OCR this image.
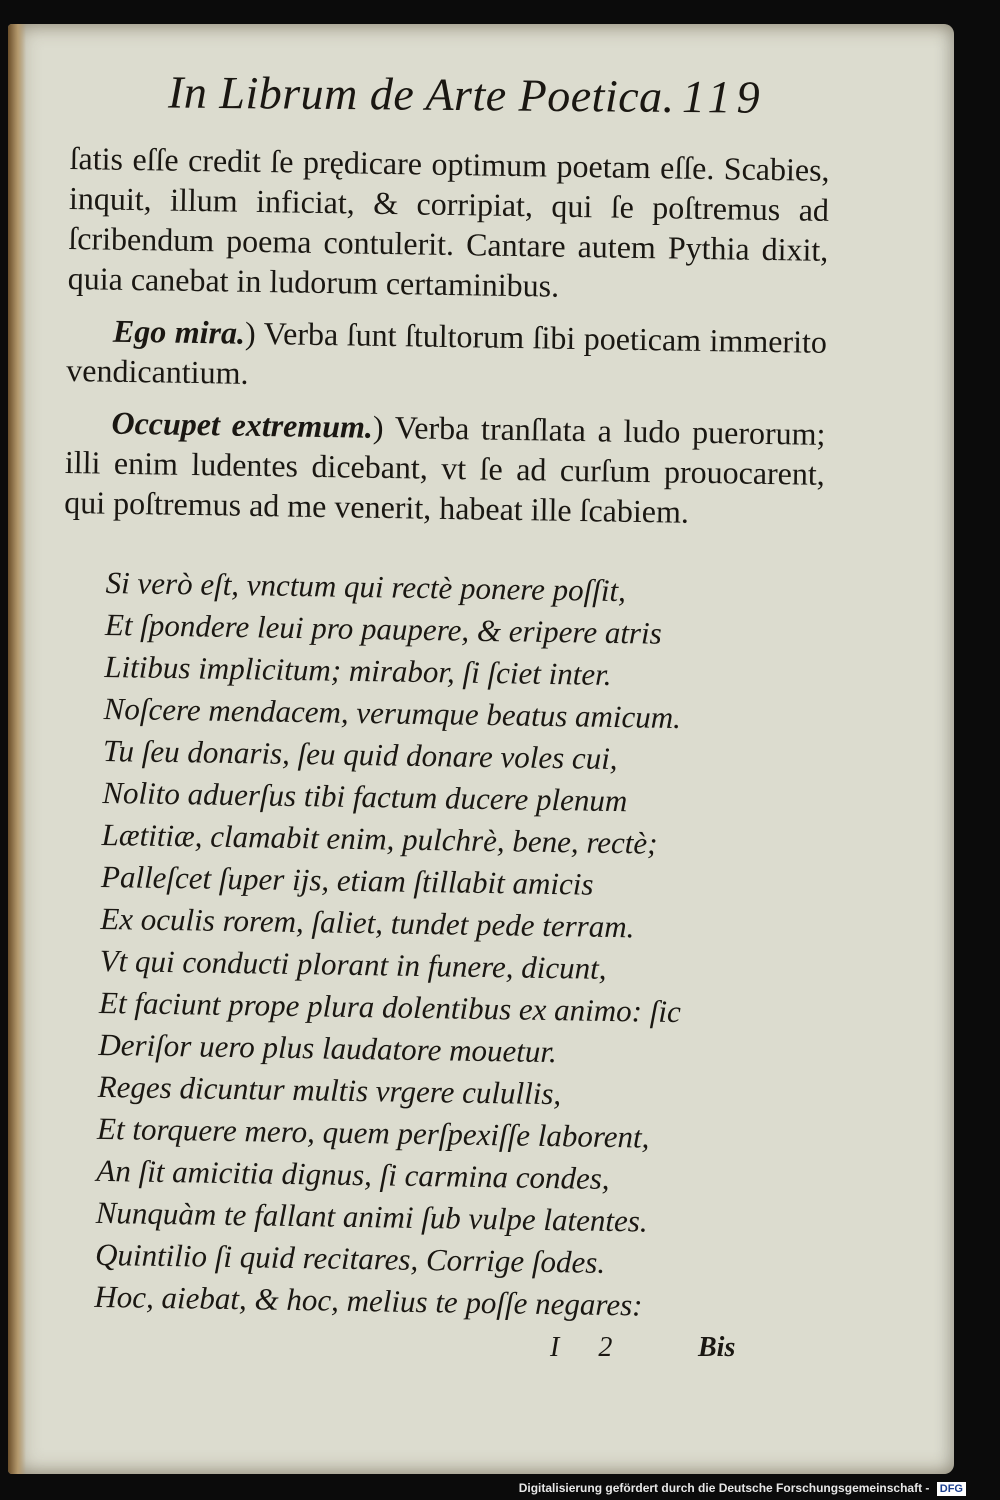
In Librum de Arte Poetica. 119

ſatis eſſe credit ſe prędicare optimum poetam eſſe. Scabies, inquit, illum inficiat, & corripiat, qui ſe poſtremus ad ſcribendum poema contulerit. Cantare autem Pythia dixit, quia canebat in ludorum certaminibus.

Ego mira.) Verba ſunt ſtultorum ſibi poeticam immerito vendicantium.

Occupet extremum.) Verba tranſlata a ludo puerorum; illi enim ludentes dicebant, vt ſe ad curſum prouocarent, qui poſtremus ad me venerit, habeat ille ſcabiem.

Si verò eſt, vnctum qui rectè ponere poſſit,
Et ſpondere leui pro paupere, & eripere atris
Litibus implicitum; mirabor, ſi ſciet inter.
Noſcere mendacem, verumque beatus amicum.
Tu ſeu donaris, ſeu quid donare voles cui,
Nolito aduerſus tibi factum ducere plenum
Lætitiæ, clamabit enim, pulchrè, bene, rectè;
Palleſcet ſuper ijs, etiam ſtillabit amicis
Ex oculis rorem, ſaliet, tundet pede terram.
Vt qui conducti plorant in funere, dicunt,
Et faciunt prope plura dolentibus ex animo: ſic
Deriſor uero plus laudatore mouetur.
Reges dicuntur multis vrgere culullis,
Et torquere mero, quem perſpexiſſe laborent,
An ſit amicitia dignus, ſi carmina condes,
Nunquàm te fallant animi ſub vulpe latentes.
Quintilio ſi quid recitares, Corrige ſodes.
Hoc, aiebat, & hoc, melius te poſſe negares:
I 2 Bis
Digitalisierung gefördert durch die Deutsche Forschungsgemeinschaft - DFG
